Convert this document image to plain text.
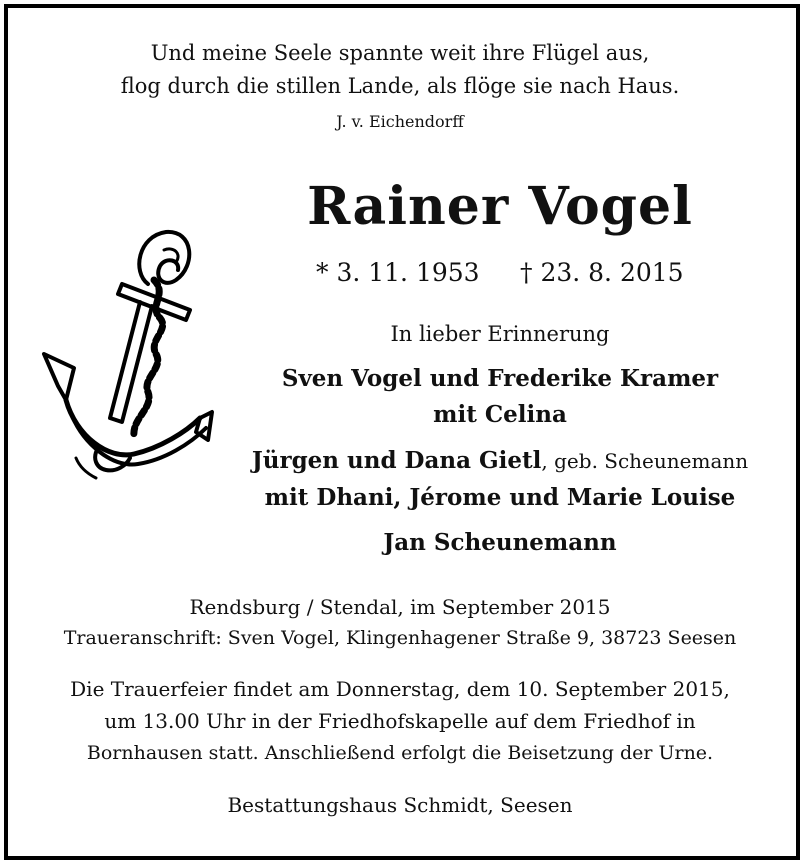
Und meine Seele spannte weit ihre Flügel aus,
flog durch die stillen Lande, als flöge sie nach Haus.
J. v. Eichendorff
Rainer Vogel
* 3. 11. 1953 † 23. 8. 2015
In lieber Erinnerung
Sven Vogel und Frederike Kramer
mit Celina
Jürgen und Dana Gietl, geb. Scheunemann
mit Dhani, Jérome und Marie Louise
Jan Scheunemann
Rendsburg / Stendal, im September 2015
Traueranschrift: Sven Vogel, Klingenhagener Straße 9, 38723 Seesen
Die Trauerfeier findet am Donnerstag, dem 10. September 2015,
um 13.00 Uhr in der Friedhofskapelle auf dem Friedhof in
Bornhausen statt. Anschließend erfolgt die Beisetzung der Urne.
Bestattungshaus Schmidt, Seesen
